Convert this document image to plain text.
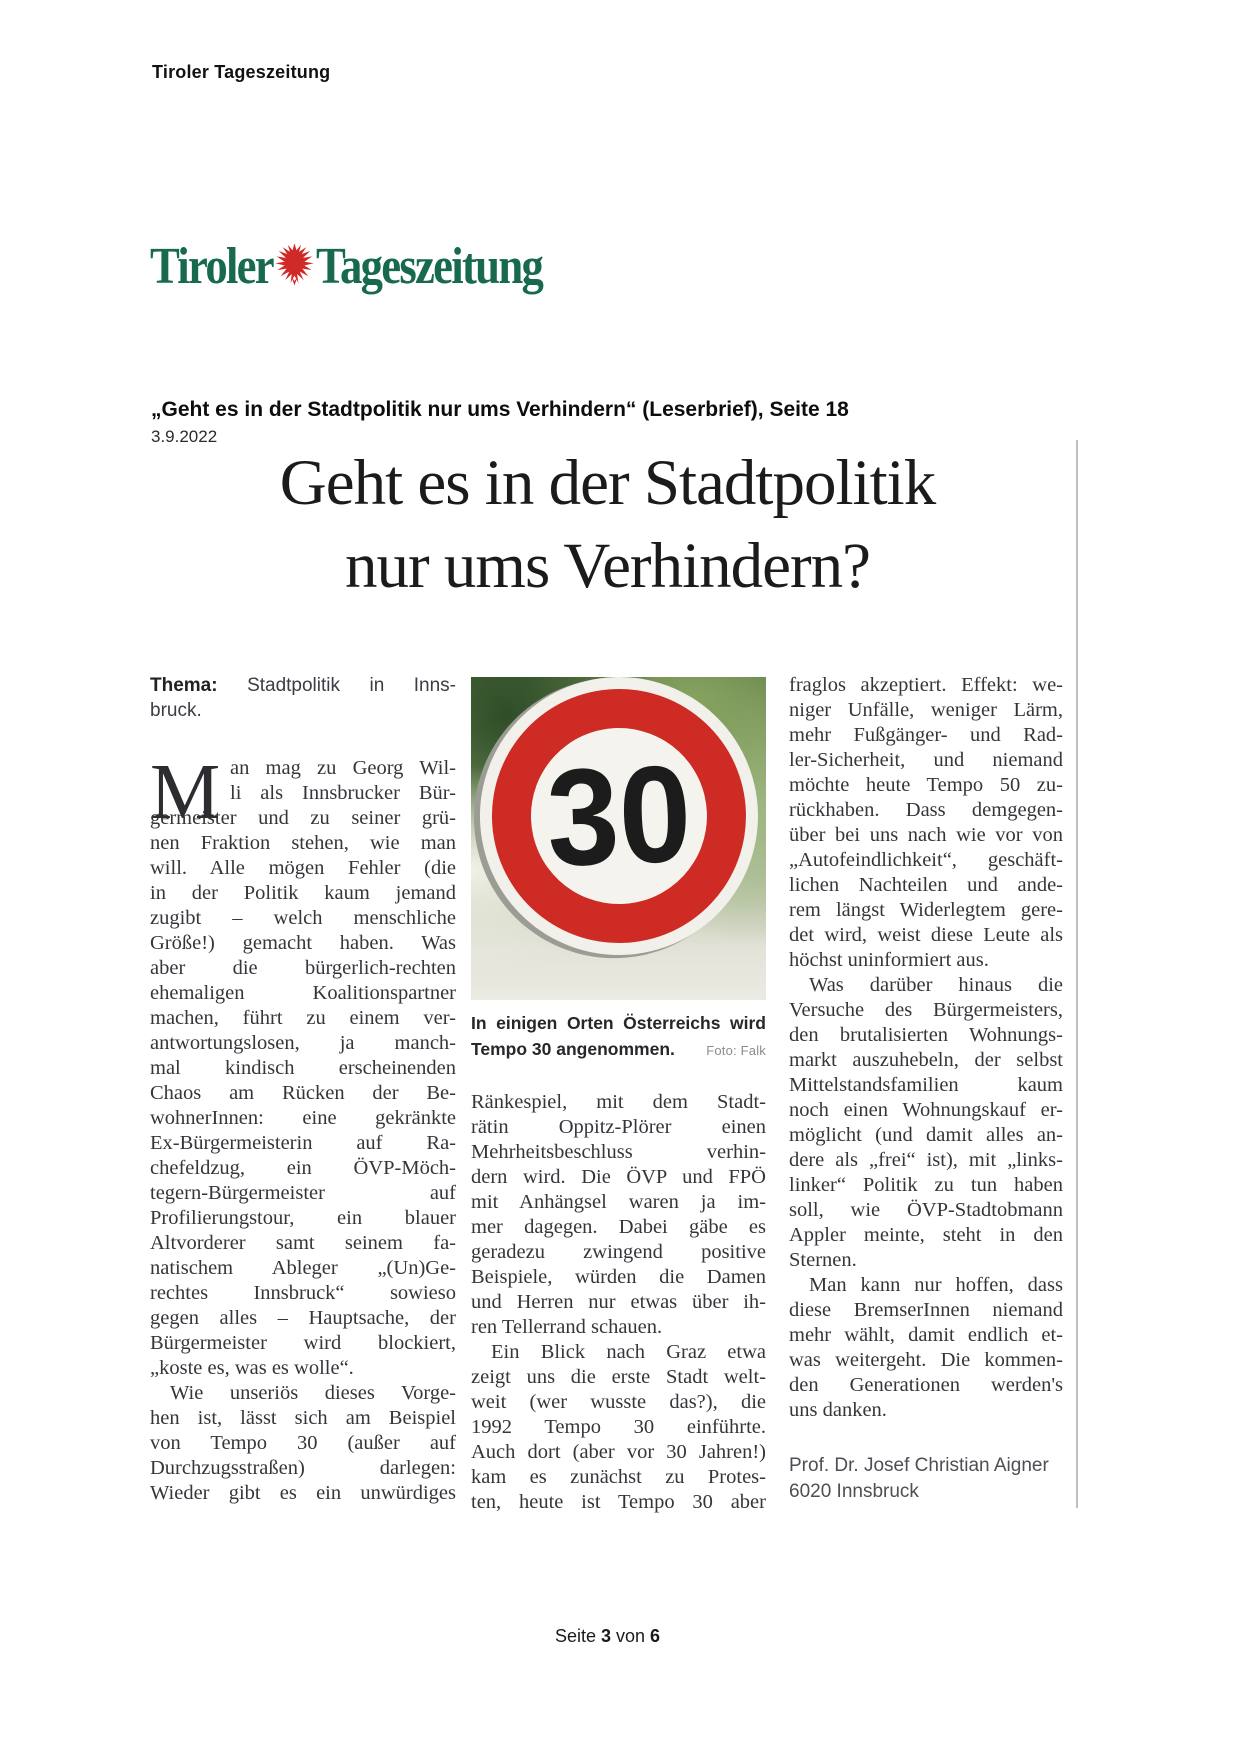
Tiroler Tageszeitung
Tiroler Tageszeitung
„Geht es in der Stadtpolitik nur ums Verhindern“ (Leserbrief), Seite 18
3.9.2022
Geht es in der Stadtpolitik
nur ums Verhindern?
Thema: Stadtpolitik in Inns-
bruck.
M an mag zu Georg Wil-
li als Innsbrucker Bür-
germeister und zu seiner grü-
nen Fraktion stehen, wie man
will. Alle mögen Fehler (die
in der Politik kaum jemand
zugibt – welch menschliche
Größe!) gemacht haben. Was
aber die bürgerlich-rechten
ehemaligen Koalitionspartner
machen, führt zu einem ver-
antwortungslosen, ja manch-
mal kindisch erscheinenden
Chaos am Rücken der Be-
wohnerInnen: eine gekränkte
Ex-Bürgermeisterin auf Ra-
chefeldzug, ein ÖVP-Möch-
tegern-Bürgermeister auf
Profilierungstour, ein blauer
Altvorderer samt seinem fa-
natischem Ableger „(Un)Ge-
rechtes Innsbruck“ sowieso
gegen alles – Hauptsache, der
Bürgermeister wird blockiert,
„koste es, was es wolle“.
Wie unseriös dieses Vorge-
hen ist, lässt sich am Beispiel
von Tempo 30 (außer auf
Durchzugsstraßen) darlegen:
Wieder gibt es ein unwürdiges
30
In einigen Orten Österreichs wird
Tempo 30 angenommen. Foto: Falk
Ränkespiel, mit dem Stadt-
rätin Oppitz-Plörer einen
Mehrheitsbeschluss verhin-
dern wird. Die ÖVP und FPÖ
mit Anhängsel waren ja im-
mer dagegen. Dabei gäbe es
geradezu zwingend positive
Beispiele, würden die Damen
und Herren nur etwas über ih-
ren Tellerrand schauen.
Ein Blick nach Graz etwa
zeigt uns die erste Stadt welt-
weit (wer wusste das?), die
1992 Tempo 30 einführte.
Auch dort (aber vor 30 Jahren!)
kam es zunächst zu Protes-
ten, heute ist Tempo 30 aber
fraglos akzeptiert. Effekt: we-
niger Unfälle, weniger Lärm,
mehr Fußgänger- und Rad-
ler-Sicherheit, und niemand
möchte heute Tempo 50 zu-
rückhaben. Dass demgegen-
über bei uns nach wie vor von
„Autofeindlichkeit“, geschäft-
lichen Nachteilen und ande-
rem längst Widerlegtem gere-
det wird, weist diese Leute als
höchst uninformiert aus.
Was darüber hinaus die
Versuche des Bürgermeisters,
den brutalisierten Wohnungs-
markt auszuhebeln, der selbst
Mittelstandsfamilien kaum
noch einen Wohnungskauf er-
möglicht (und damit alles an-
dere als „frei“ ist), mit „links-
linker“ Politik zu tun haben
soll, wie ÖVP-Stadtobmann
Appler meinte, steht in den
Sternen.
Man kann nur hoffen, dass
diese BremserInnen niemand
mehr wählt, damit endlich et-
was weitergeht. Die kommen-
den Generationen werden's
uns danken.
Prof. Dr. Josef Christian Aigner
6020 Innsbruck
Seite 3 von 6
